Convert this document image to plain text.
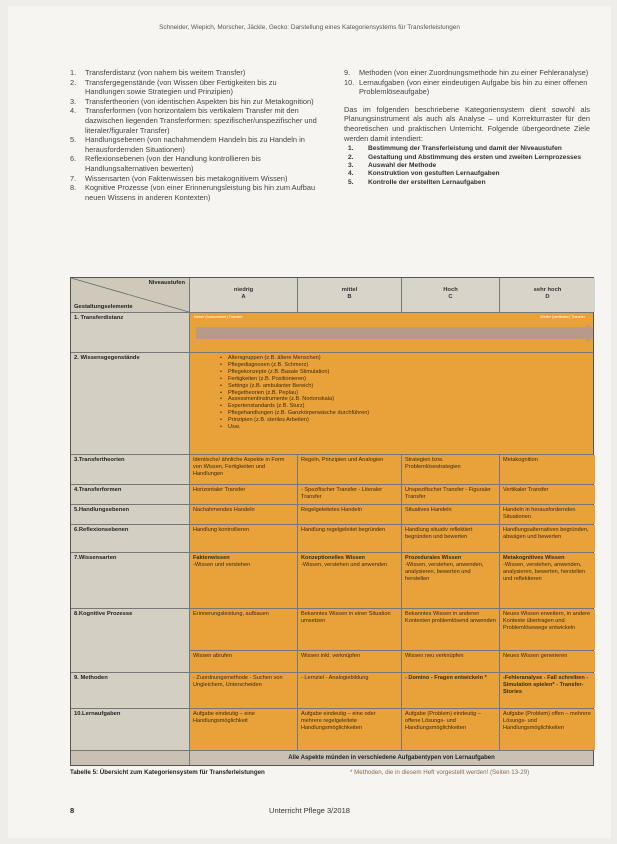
Schneider, Wiepich, Morscher, Jäckle, Gecko: Darstellung eines Kategoriensystems für Transferleistungen
1. Transferdistanz (von nahem bis weitem Transfer)
2. Transfergegenstände (von Wissen über Fertigkeiten bis zu Handlungen sowie Strategien und Prinzipien)
3. Transfertheorien (von identischen Aspekten bis hin zur Metakognition)
4. Transferformen (von horizontalem bis vertikalem Transfer mit den dazwischen liegenden Transferformen: spezifischer/unspezifischer und literaler/figuraler Transfer)
5. Handlungsebenen (von nachahmendem Handeln bis zu Handeln in herausfordernden Situationen)
6. Reflexionsebenen (von der Handlung kontrollieren bis Handlungsalternativen bewerten)
7. Wissensarten (von Faktenwissen bis metakognitivem Wissen)
8. Kognitive Prozesse (von einer Erinnerungsleistung bis hin zum Aufbau neuen Wissens in anderen Kontexten)
9. Methoden (von einer Zuordnungsmethode hin zu einer Fehleranalyse)
10. Lernaufgaben (von einer eindeutigen Aufgabe bis hin zu einer offenen Problemlöseaufgabe)

Das im folgenden beschriebene Kategoriensystem dient sowohl als Planungsinstrument als auch als Analyse – und Korrekturraster für den theoretischen und praktischen Unterricht. Folgende übergeordnete Ziele werden damit intendiert:

1. Bestimmung der Transferleistung und damit der Niveaustufen
2. Gestaltung und Abstimmung des ersten und zweiten Lernprozesses
3. Auswahl der Methode
4. Konstruktion von gestuften Lernaufgaben
5. Kontrolle der erstellten Lernaufgaben
Niveaustufen
Gestaltungselemente
niedrig
A
mittel
B
Hoch
C
sehr hoch
D
1. Transferdistanz	Naher (horizontaler) Transfer	Weiter (vertikaler) Transfer
2. Wissensgegenstände
•	Altersgruppen (z.B. ältere Menschen)
• Pflegediagnosen (z.B. Schmerz)
• Pflegekonzepte (z.B. Basale Stimulation)
• Fertigkeiten (z.B. Positionieren)
• Settings (z.B. ambulanter Bereich)
• Pflegetheorien (z.B. Peplau)
• Assessmentinstrumente (z.B. Nortonskala)
• Expertenstandards (z.B. Sturz)
• Pflegehandlungen (z.B. Ganzkörperwäsche durchführen)
• Prinzipien (z.B. steriles Arbeiten)
• Usw.
3.Transfertheorien	Identische/ ähnliche Aspekte in Form von Wissen, Fertigkeiten und Handlungen
Regeln, Prinzipien und Analogien	Strategien bzw. Problemlösestrategien
Metakognition
4.Transferformen	Horizontaler Transfer	- Spezifischer Transfer - Literaler Transfer
Unspezifischer Transfer - Figuraler Transfer
Vertikaler Transfer
5.Handlungsebenen	Nachahmendes Handeln	Regelgeleitetes Handeln	Situatives Handeln	Handeln in herausfordernden Situationen
6.Reflexionsebenen	Handlung kontrollieren	Handlung regelgeleitet begründen	Handlung situativ reflektiert begründen und bewerten
Handlungsalternativen begründen, abwägen und bewerten
7.Wissensarten	Faktenwissen
-Wissen und verstehen
Konzeptionelles Wissen
-Wissen, verstehen und anwenden
Prozedurales Wissen
-Wissen, verstehen, anwenden, analysieren, bewerten und herstellen
Metakognitives Wissen
-Wissen, verstehen, anwenden, analysieren, bewerten, herstellen und reflektieren
8.Kognitive Prozesse	Erinnerungsleistung, aufbauen	Bekanntes Wissen in einer Situation umsetzen
Bekanntes Wissen in anderen Kontexten problemlösend anwenden
Neues Wissen erweitern, in andere Kontexte übertragen und Problemlösewege entwickeln
Wissen abrufen	Wissen inkl. verknüpfen	Wissen neu verknüpfen	Neues Wissen generieren
9. Methoden	- Zuordnungsmethode - Suchen von Ungleichem, Unterscheiden
- Lernziel - Analogiebildung	- Domino - Fragen entwickeln *	-Fehleranalyse - Fall schreiben - Simulation spielen* - Transfer-Stories
10.Lernaufgaben	Aufgabe eindeutig – eine Handlungsmöglichkeit
Aufgabe eindeutig – eine oder mehrere regelgeleitete Handlungsmöglichkeiten
Aufgabe (Problem) eindeutig – offene Lösungs- und Handlungsmöglichkeiten
Aufgabe (Problem) offen – mehrere Lösungs- und Handlungsmöglichkeiten
Alle Aspekte münden in verschiedene Aufgabentypen von Lernaufgaben
Tabelle 5: Übersicht zum Kategoriensystem für Transferleistungen	* Methoden, die in diesem Heft vorgestellt werden! (Seiten 13-29)
Unterricht Pflege 3/2018
8
